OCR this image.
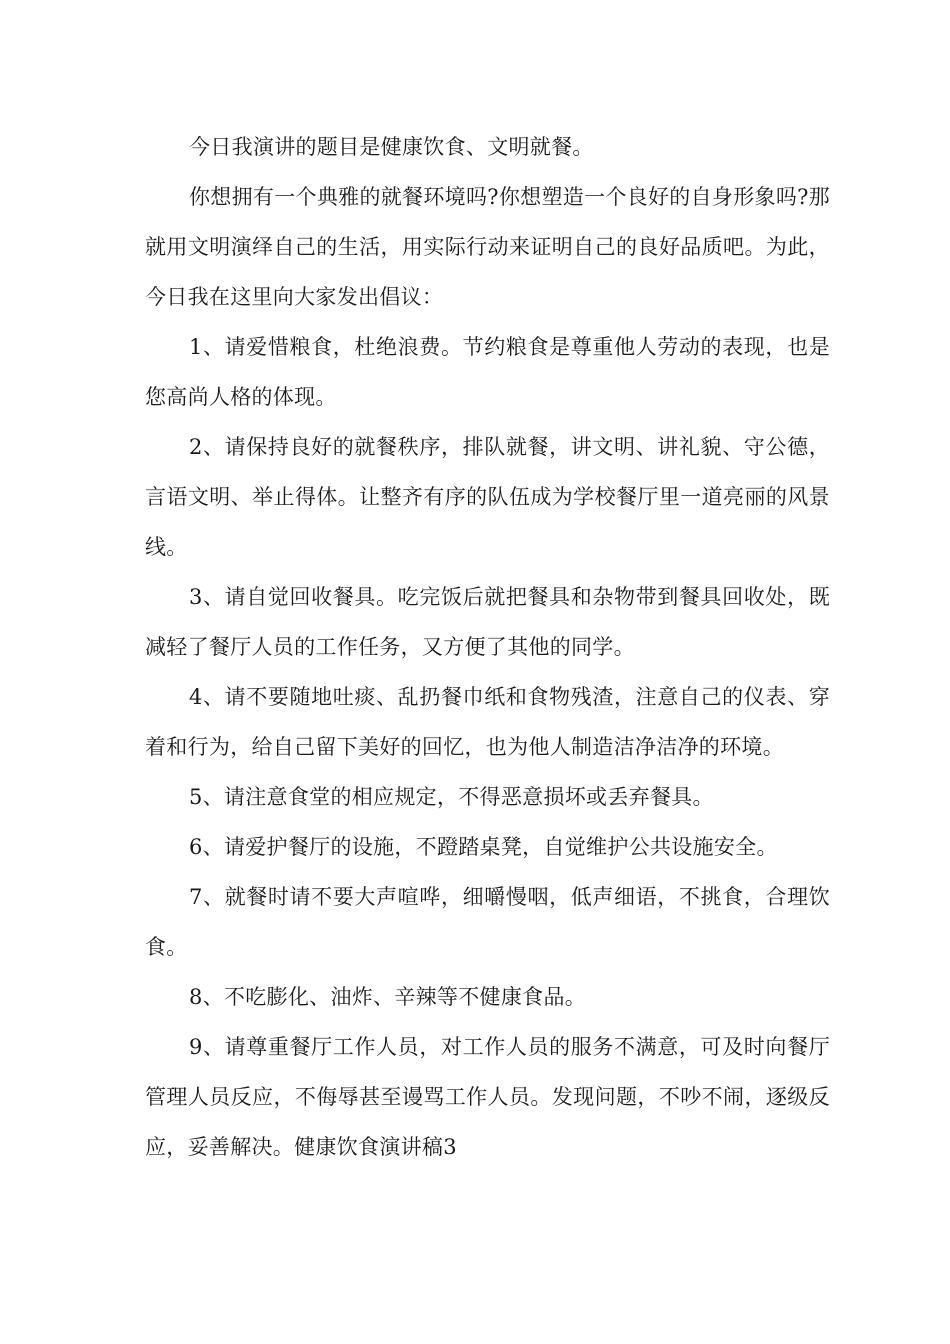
今日我演讲的题目是健康饮食、文明就餐。

你想拥有一个典雅的就餐环境吗?你想塑造一个良好的自身形象吗?那就用文明演绎自己的生活，用实际行动来证明自己的良好品质吧。为此，今日我在这里向大家发出倡议：

1、请爱惜粮食，杜绝浪费。节约粮食是尊重他人劳动的表现，也是您高尚人格的体现。

2、请保持良好的就餐秩序，排队就餐，讲文明、讲礼貌、守公德，言语文明、举止得体。让整齐有序的队伍成为学校餐厅里一道亮丽的风景线。

3、请自觉回收餐具。吃完饭后就把餐具和杂物带到餐具回收处，既减轻了餐厅人员的工作任务，又方便了其他的同学。

4、请不要随地吐痰、乱扔餐巾纸和食物残渣，注意自己的仪表、穿着和行为，给自己留下美好的回忆，也为他人制造洁净洁净的环境。

5、请注意食堂的相应规定，不得恶意损坏或丢弃餐具。

6、请爱护餐厅的设施，不蹬踏桌凳，自觉维护公共设施安全。

7、就餐时请不要大声喧哗，细嚼慢咽，低声细语，不挑食，合理饮食。

8、不吃膨化、油炸、辛辣等不健康食品。

9、请尊重餐厅工作人员，对工作人员的服务不满意，可及时向餐厅管理人员反应，不侮辱甚至谩骂工作人员。发现问题，不吵不闹，逐级反应，妥善解决。健康饮食演讲稿3
